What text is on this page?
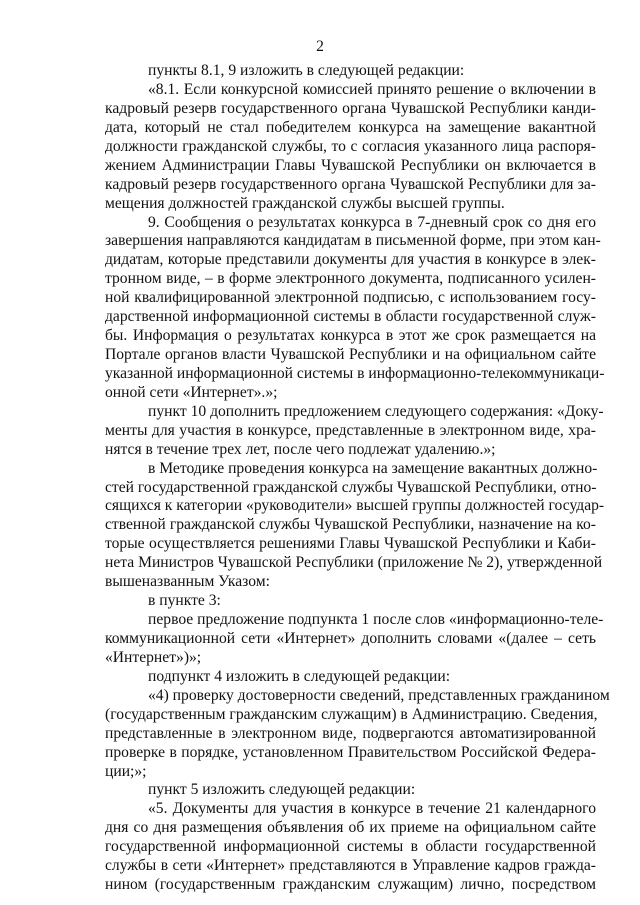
2
пункты 8.1, 9 изложить в следующей редакции:
«8.1. Если конкурсной комиссией принято решение о включении в
кадровый резерв государственного органа Чувашской Республики канди-
дата, который не стал победителем конкурса на замещение вакантной
должности гражданской службы, то с согласия указанного лица распоря-
жением Администрации Главы Чувашской Республики он включается в
кадровый резерв государственного органа Чувашской Республики для за-
мещения должностей гражданской службы высшей группы.
9. Сообщения о результатах конкурса в 7-дневный срок со дня его
завершения направляются кандидатам в письменной форме, при этом кан-
дидатам, которые представили документы для участия в конкурсе в элек-
тронном виде, – в форме электронного документа, подписанного усилен-
ной квалифицированной электронной подписью, с использованием госу-
дарственной информационной системы в области государственной служ-
бы. Информация о результатах конкурса в этот же срок размещается на
Портале органов власти Чувашской Республики и на официальном сайте
указанной информационной системы в информационно-телекоммуникаци-
онной сети «Интернет».»;
пункт 10 дополнить предложением следующего содержания: «Доку-
менты для участия в конкурсе, представленные в электронном виде, хра-
нятся в течение трех лет, после чего подлежат удалению.»;
в Методике проведения конкурса на замещение вакантных должно-
стей государственной гражданской службы Чувашской Республики, отно-
сящихся к категории «руководители» высшей группы должностей государ-
ственной гражданской службы Чувашской Республики, назначение на ко-
торые осуществляется решениями Главы Чувашской Республики и Каби-
нета Министров Чувашской Республики (приложение № 2), утвержденной
вышеназванным Указом:
в пункте 3:
первое предложение подпункта 1 после слов «информационно-теле-
коммуникационной сети «Интернет» дополнить словами «(далее – сеть
«Интернет»)»;
подпункт 4 изложить в следующей редакции:
«4) проверку достоверности сведений, представленных гражданином
(государственным гражданским служащим) в Администрацию. Сведения,
представленные в электронном виде, подвергаются автоматизированной
проверке в порядке, установленном Правительством Российской Федера-
ции;»;
пункт 5 изложить следующей редакции:
«5. Документы для участия в конкурсе в течение 21 календарного
дня со дня размещения объявления об их приеме на официальном сайте
государственной информационной системы в области государственной
службы в сети «Интернет» представляются в Управление кадров гражда-
нином (государственным гражданским служащим) лично, посредством
